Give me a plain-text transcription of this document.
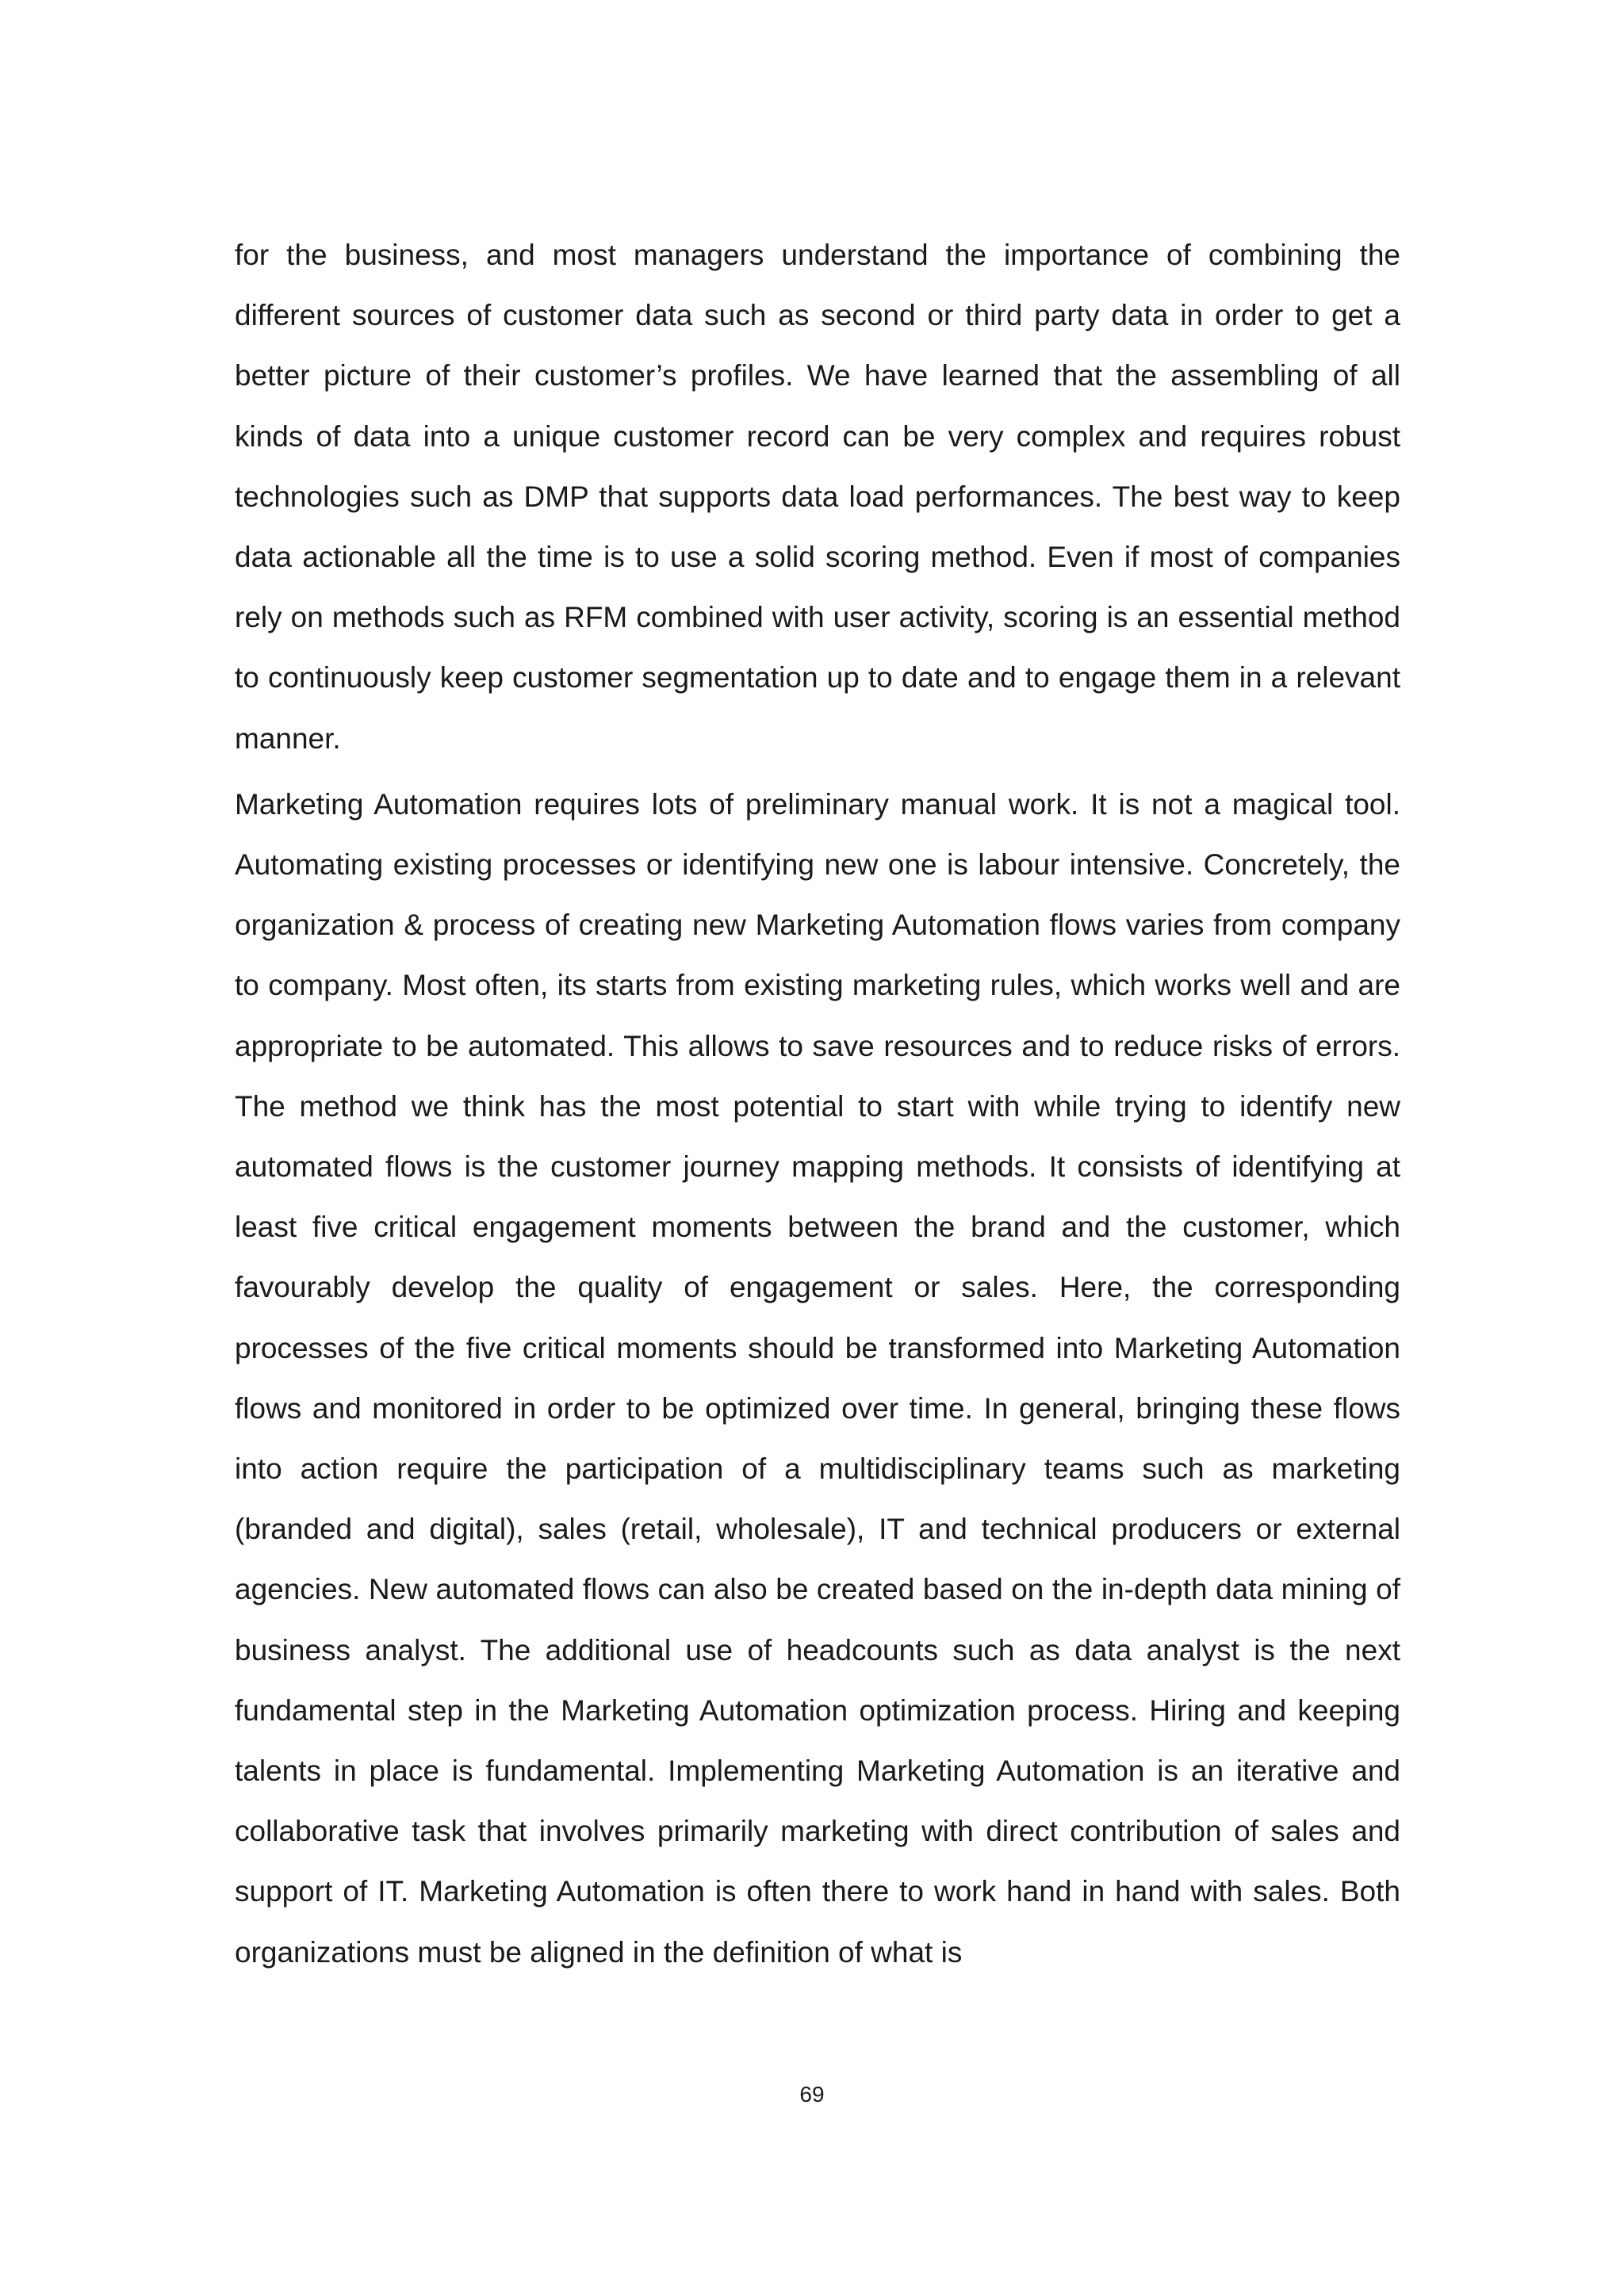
for the business, and most managers understand the importance of combining the different sources of customer data such as second or third party data in order to get a better picture of their customer’s profiles. We have learned that the assembling of all kinds of data into a unique customer record can be very complex and requires robust technologies such as DMP that supports data load performances. The best way to keep data actionable all the time is to use a solid scoring method. Even if most of companies rely on methods such as RFM combined with user activity, scoring is an essential method to continuously keep customer segmentation up to date and to engage them in a relevant manner.

Marketing Automation requires lots of preliminary manual work. It is not a magical tool. Automating existing processes or identifying new one is labour intensive. Concretely, the organization & process of creating new Marketing Automation flows varies from company to company. Most often, its starts from existing marketing rules, which works well and are appropriate to be automated. This allows to save resources and to reduce risks of errors. The method we think has the most potential to start with while trying to identify new automated flows is the customer journey mapping methods. It consists of identifying at least five critical engagement moments between the brand and the customer, which favourably develop the quality of engagement or sales. Here, the corresponding processes of the five critical moments should be transformed into Marketing Automation flows and monitored in order to be optimized over time. In general, bringing these flows into action require the participation of a multidisciplinary teams such as marketing (branded and digital), sales (retail, wholesale), IT and technical producers or external agencies. New automated flows can also be created based on the in-depth data mining of business analyst. The additional use of headcounts such as data analyst is the next fundamental step in the Marketing Automation optimization process. Hiring and keeping talents in place is fundamental. Implementing Marketing Automation is an iterative and collaborative task that involves primarily marketing with direct contribution of sales and support of IT. Marketing Automation is often there to work hand in hand with sales. Both organizations must be aligned in the definition of what is

69
